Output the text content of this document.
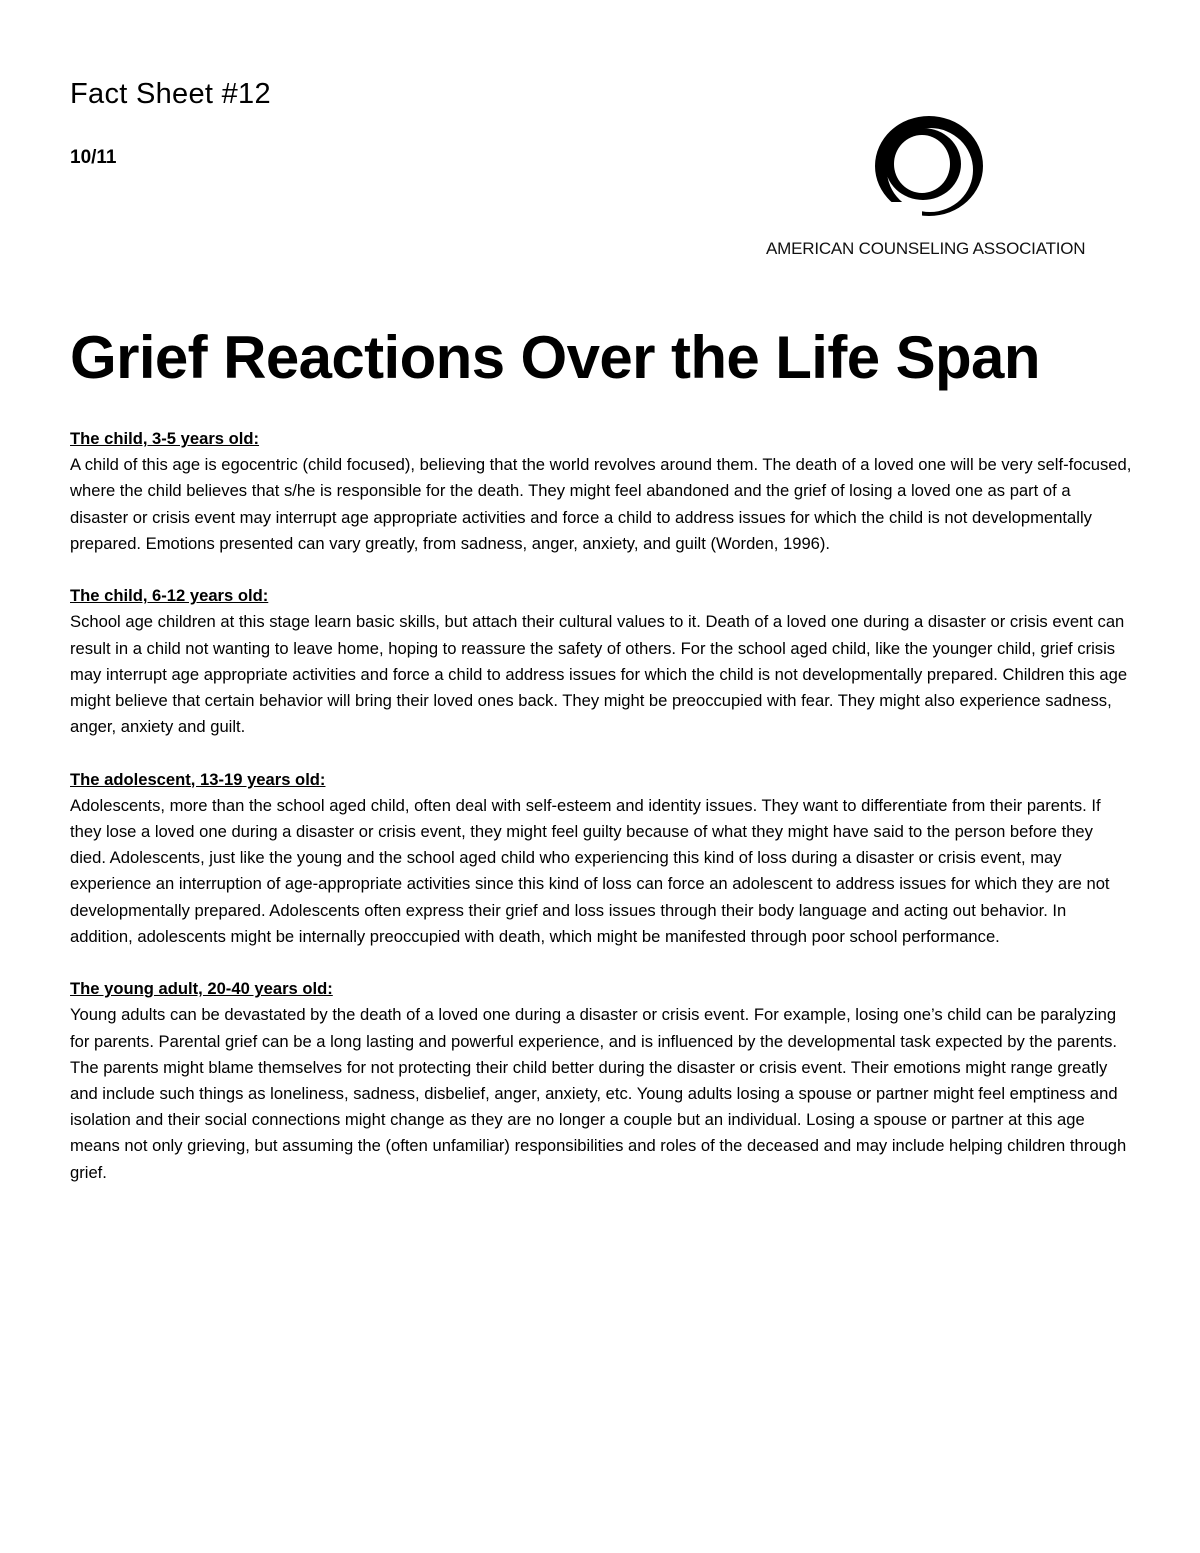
Fact Sheet #12
10/11
AMERICAN COUNSELING ASSOCIATION
Grief Reactions Over the Life Span

The child, 3-5 years old:

A child of this age is egocentric (child focused), believing that the world revolves around them. The death of a loved one will be very self-focused, where the child believes that s/he is responsible for the death. They might feel abandoned and the grief of losing a loved one as part of a disaster or crisis event may interrupt age appropriate activities and force a child to address issues for which the child is not developmentally prepared. Emotions presented can vary greatly, from sadness, anger, anxiety, and guilt (Worden, 1996).

The child, 6-12 years old:

School age children at this stage learn basic skills, but attach their cultural values to it. Death of a loved one during a disaster or crisis event can result in a child not wanting to leave home, hoping to reassure the safety of others. For the school aged child, like the younger child, grief crisis may interrupt age appropriate activities and force a child to address issues for which the child is not developmentally prepared. Children this age might believe that certain behavior will bring their loved ones back. They might be preoccupied with fear. They might also experience sadness, anger, anxiety and guilt.

The adolescent, 13-19 years old:

Adolescents, more than the school aged child, often deal with self-esteem and identity issues. They want to differentiate from their parents. If they lose a loved one during a disaster or crisis event, they might feel guilty because of what they might have said to the person before they died. Adolescents, just like the young and the school aged child who experiencing this kind of loss during a disaster or crisis event, may experience an interruption of age-appropriate activities since this kind of loss can force an adolescent to address issues for which they are not developmentally prepared. Adolescents often express their grief and loss issues through their body language and acting out behavior. In addition, adolescents might be internally preoccupied with death, which might be manifested through poor school performance.

The young adult, 20-40 years old:

Young adults can be devastated by the death of a loved one during a disaster or crisis event. For example, losing one’s child can be paralyzing for parents. Parental grief can be a long lasting and powerful experience, and is influenced by the developmental task expected by the parents. The parents might blame themselves for not protecting their child better during the disaster or crisis event. Their emotions might range greatly and include such things as loneliness, sadness, disbelief, anger, anxiety, etc. Young adults losing a spouse or partner might feel emptiness and isolation and their social connections might change as they are no longer a couple but an individual. Losing a spouse or partner at this age means not only grieving, but assuming the (often unfamiliar) responsibilities and roles of the deceased and may include helping children through grief.
